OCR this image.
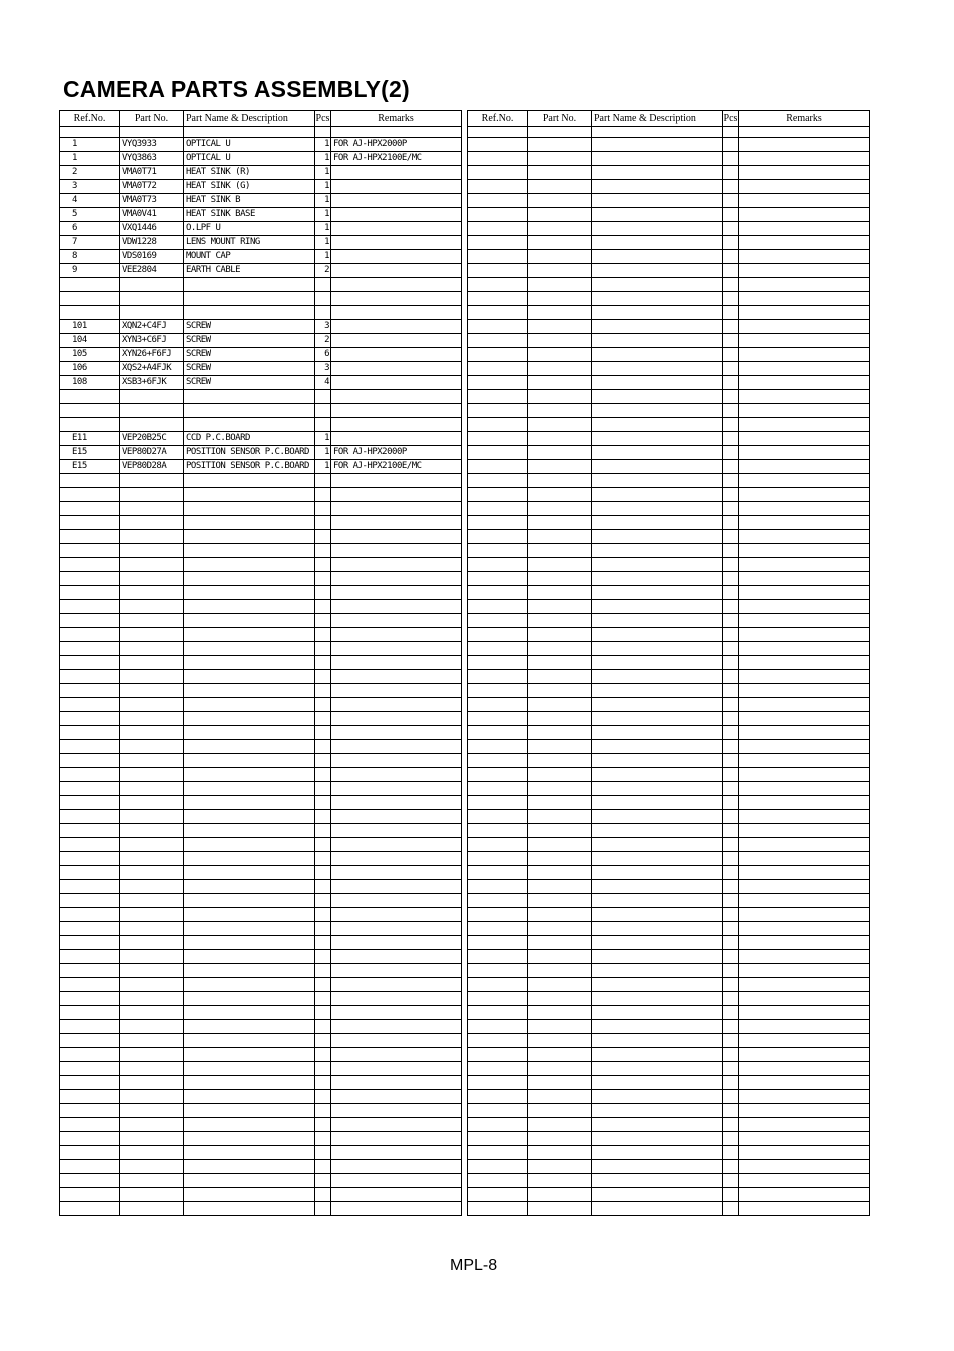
CAMERA PARTS ASSEMBLY(2)
Ref.No.	Part No.	Part Name & Description	Pcs	Remarks

1	VYQ3933	OPTICAL U	1	FOR AJ-HPX2000P
1	VYQ3863	OPTICAL U	1	FOR AJ-HPX2100E/MC
2	VMA0T71	HEAT SINK (R)	1	
3	VMA0T72	HEAT SINK (G)	1	
4	VMA0T73	HEAT SINK B	1	
5	VMA0V41	HEAT SINK BASE	1	
6	VXQ1446	O.LPF U	1	
7	VDW1228	LENS MOUNT RING	1	
8	VDS0169	MOUNT CAP	1	
9	VEE2804	EARTH CABLE	2	

101	XQN2+C4FJ	SCREW	3	
104	XYN3+C6FJ	SCREW	2	
105	XYN26+F6FJ	SCREW	6	
106	XQS2+A4FJK	SCREW	3	
108	XSB3+6FJK	SCREW	4	

E11	VEP20B25C	CCD P.C.BOARD	1	
E15	VEP80D27A	POSITION SENSOR P.C.BOARD	1	FOR AJ-HPX2000P
E15	VEP80D28A	POSITION SENSOR P.C.BOARD	1	FOR AJ-HPX2100E/MC

Ref.No.	Part No.	Part Name & Description	Pcs	Remarks

MPL-8
